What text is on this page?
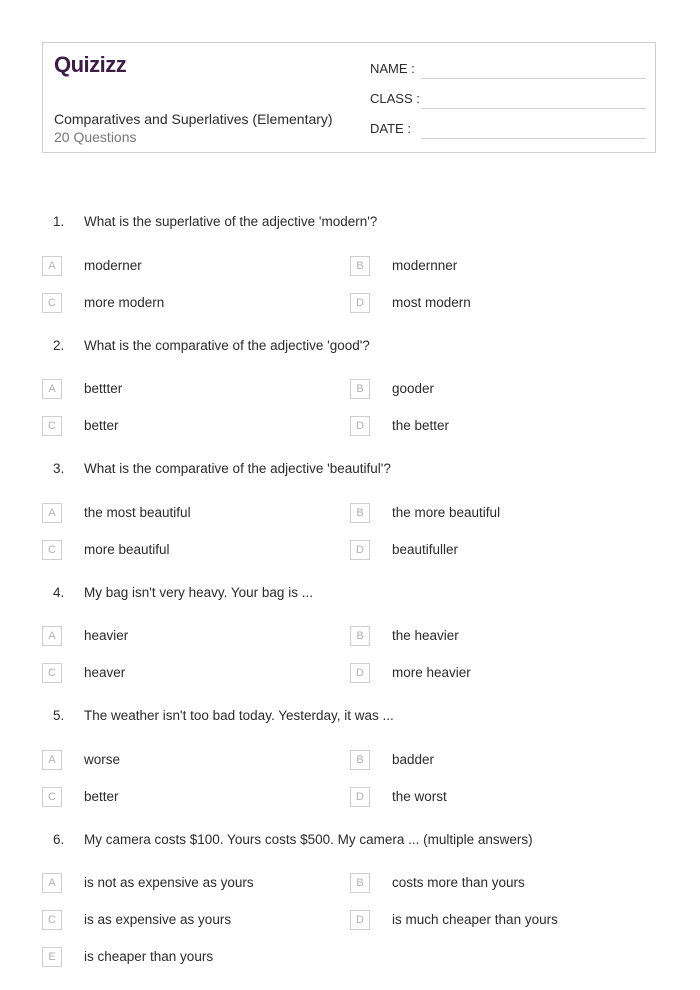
Quizizz
Comparatives and Superlatives (Elementary)
20 Questions
NAME :
CLASS :
DATE :
1.	What is the superlative of the adjective 'modern'?
A	moderner	B	modernner
C	more modern	D	most modern
2.	What is the comparative of the adjective 'good'?
A	bettter	B	gooder
C	better	D	the better
3.	What is the comparative of the adjective 'beautiful'?
A	the most beautiful	B	the more beautiful
C	more beautiful	D	beautifuller
4.	My bag isn't very heavy. Your bag is ...
A	heavier	B	the heavier
C	heaver	D	more heavier
5.	The weather isn't too bad today. Yesterday, it was ...
A	worse	B	badder
C	better	D	the worst
6.	My camera costs $100. Yours costs $500. My camera ... (multiple answers)
A	is not as expensive as yours	B	costs more than yours
C	is as expensive as yours	D	is much cheaper than yours
E	is cheaper than yours
